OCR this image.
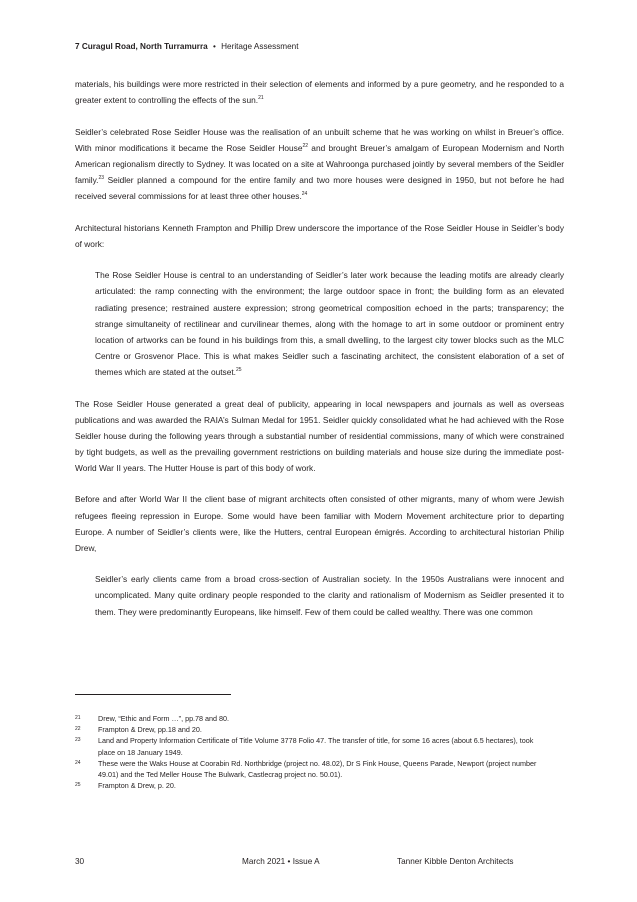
7 Curagul Road, North Turramurra • Heritage Assessment

materials, his buildings were more restricted in their selection of elements and informed by a pure geometry, and he responded to a greater extent to controlling the effects of the sun.$^{21}$

Seidler’s celebrated Rose Seidler House was the realisation of an unbuilt scheme that he was working on whilst in Breuer’s office. With minor modifications it became the Rose Seidler House$^{22}$ and brought Breuer’s amalgam of European Modernism and North American regionalism directly to Sydney. It was located on a site at Wahroonga purchased jointly by several members of the Seidler family.$^{23}$ Seidler planned a compound for the entire family and two more houses were designed in 1950, but not before he had received several commissions for at least three other houses.$^{24}$

Architectural historians Kenneth Frampton and Phillip Drew underscore the importance of the Rose Seidler House in Seidler’s body of work:

The Rose Seidler House is central to an understanding of Seidler’s later work because the leading motifs are already clearly articulated: the ramp connecting with the environment; the large outdoor space in front; the building form as an elevated radiating presence; restrained austere expression; strong geometrical composition echoed in the parts; transparency; the strange simultaneity of rectilinear and curvilinear themes, along with the homage to art in some outdoor or prominent entry location of artworks can be found in his buildings from this, a small dwelling, to the largest city tower blocks such as the MLC Centre or Grosvenor Place. This is what makes Seidler such a fascinating architect, the consistent elaboration of a set of themes which are stated at the outset.$^{25}$

The Rose Seidler House generated a great deal of publicity, appearing in local newspapers and journals as well as overseas publications and was awarded the RAIA’s Sulman Medal for 1951. Seidler quickly consolidated what he had achieved with the Rose Seidler house during the following years through a substantial number of residential commissions, many of which were constrained by tight budgets, as well as the prevailing government restrictions on building materials and house size during the immediate post-World War II years. The Hutter House is part of this body of work.

Before and after World War II the client base of migrant architects often consisted of other migrants, many of whom were Jewish refugees fleeing repression in Europe. Some would have been familiar with Modern Movement architecture prior to departing Europe. A number of Seidler’s clients were, like the Hutters, central European émigrés. According to architectural historian Philip Drew,

Seidler’s early clients came from a broad cross-section of Australian society. In the 1950s Australians were innocent and uncomplicated. Many quite ordinary people responded to the clarity and rationalism of Modernism as Seidler presented it to them. They were predominantly Europeans, like himself. Few of them could be called wealthy. There was one common

21	Drew, “Ethic and Form …”, pp.78 and 80.
22	Frampton & Drew, pp.18 and 20.
23	Land and Property Information Certificate of Title Volume 3778 Folio 47. The transfer of title, for some 16 acres (about 6.5 hectares), took place on 18 January 1949.
24	These were the Waks House at Coorabin Rd. Northbridge (project no. 48.02), Dr S Fink House, Queens Parade, Newport (project number 49.01) and the Ted Meller House The Bulwark, Castlecrag project no. 50.01).
25	Frampton & Drew, p. 20.
30	March 2021 • Issue A	Tanner Kibble Denton Architects
